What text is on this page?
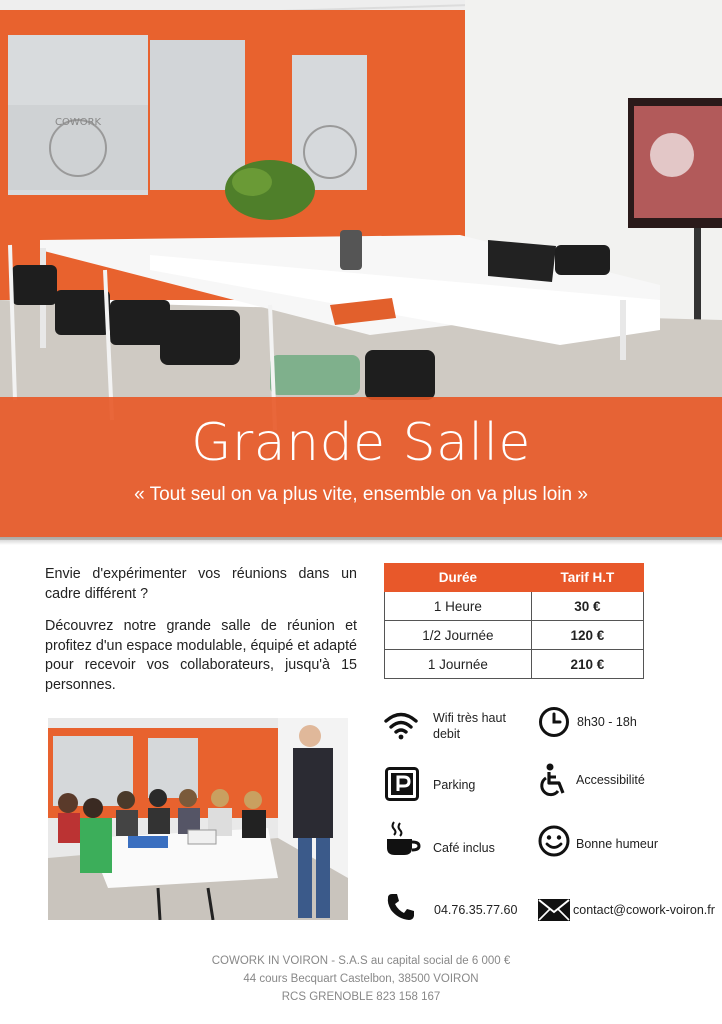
COWORK
Grande Salle
« Tout seul on va plus vite, ensemble on va plus loin »

Envie d'expérimenter vos réunions dans un cadre différent ?

Découvrez notre grande salle de réunion et profitez d'un espace modulable, équipé et adapté pour recevoir vos collaborateurs, jusqu'à 15 personnes.

Durée	Tarif H.T
1 Heure	30 €
1/2 Journée	120 €
1 Journée	210 €
Wifi très haut debit
8h30 - 18h
Parking	Accessibilité
Café inclus	Bonne humeur
04.76.35.77.60	contact@cowork-voiron.fr
COWORK IN VOIRON - S.A.S au capital social de 6 000 €
44 cours Becquart Castelbon, 38500 VOIRON
RCS GRENOBLE 823 158 167
